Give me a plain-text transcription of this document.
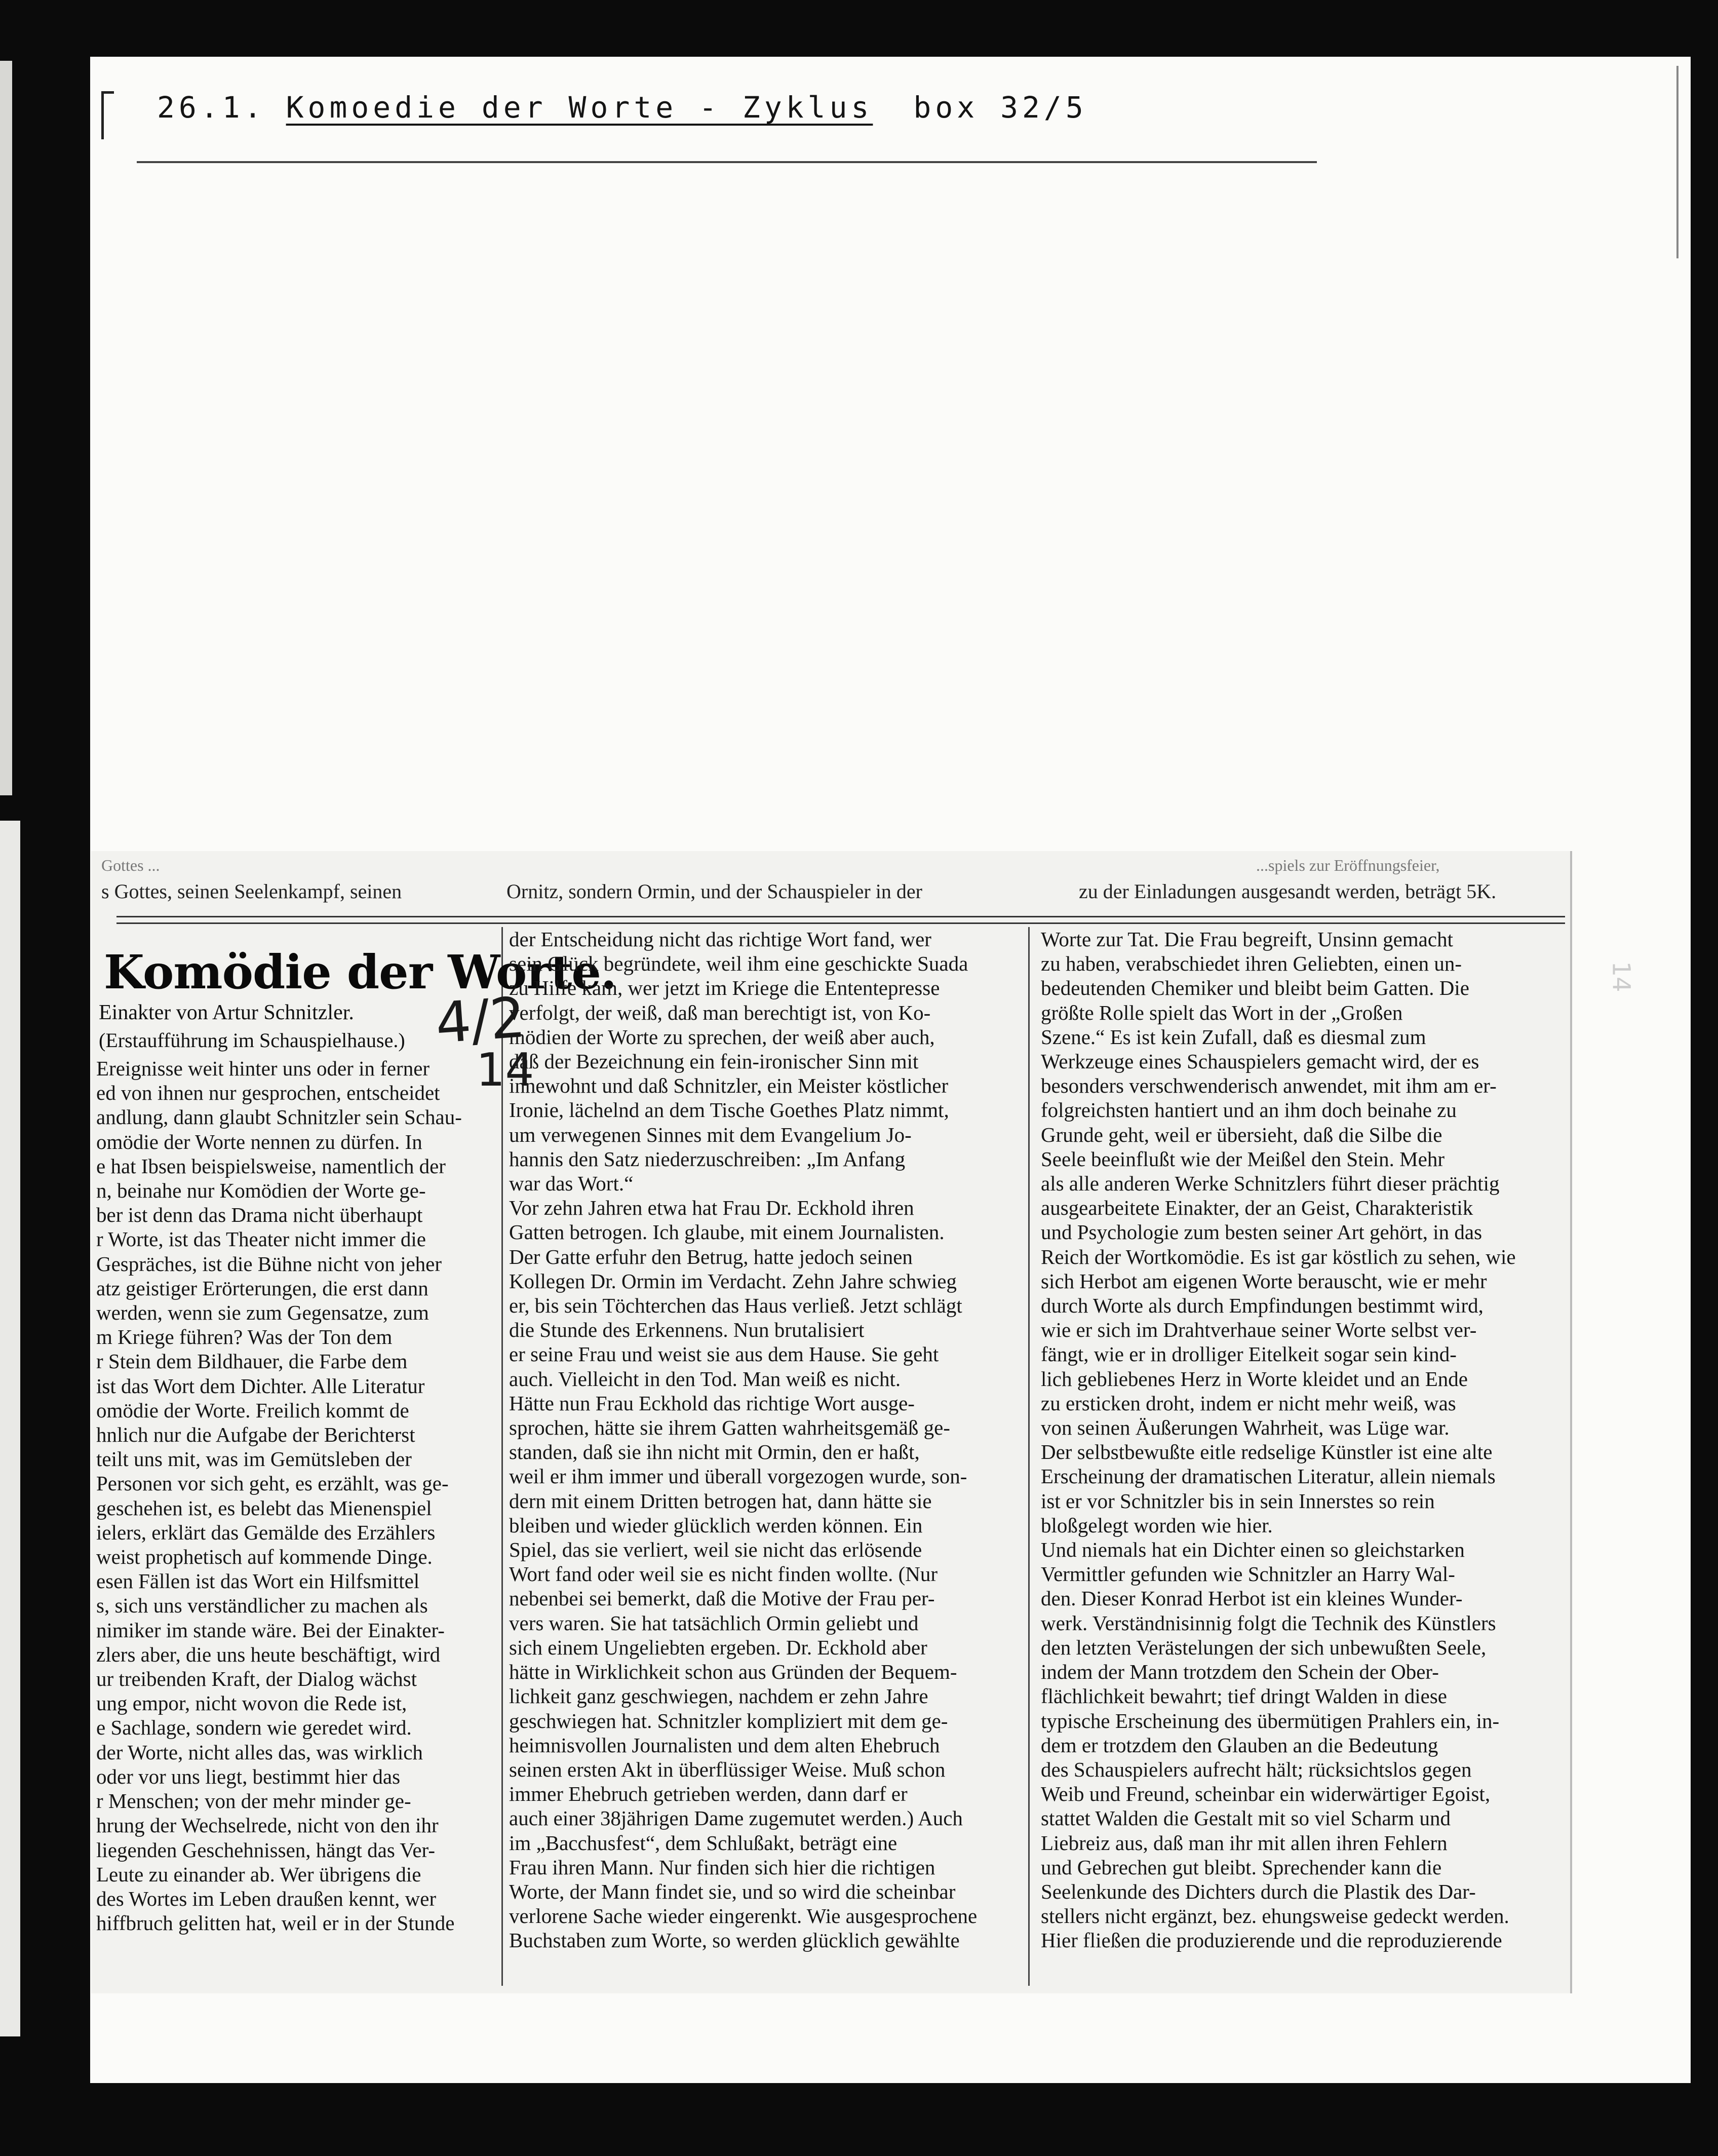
26.1. Komoedie der Worte - Zyklus box 32/5
Gottes ...	...spiels zur Eröffnungsfeier,
s Gottes, seinen Seelenkampf, seinen	Ornitz, sondern Ormin, und der Schauspieler in der	zu der Einladungen ausgesandt werden, beträgt 5K.
Komödie der Worte.
Einakter von Artur Schnitzler.
(Erstaufführung im Schauspielhause.) 4/2
14
14
Ereignisse weit hinter uns oder in ferner
ed von ihnen nur gesprochen, entscheidet
andlung, dann glaubt Schnitzler sein Schau-
omödie der Worte nennen zu dürfen. In
e hat Ibsen beispielsweise, namentlich der
n, beinahe nur Komödien der Worte ge-
ber ist denn das Drama nicht überhaupt
r Worte, ist das Theater nicht immer die
Gespräches, ist die Bühne nicht von jeher
atz geistiger Erörterungen, die erst dann
werden, wenn sie zum Gegensatze, zum
m Kriege führen? Was der Ton dem
r Stein dem Bildhauer, die Farbe dem
ist das Wort dem Dichter. Alle Literatur
omödie der Worte. Freilich kommt de
hnlich nur die Aufgabe der Berichterst
teilt uns mit, was im Gemütsleben der
Personen vor sich geht, es erzählt, was ge-
geschehen ist, es belebt das Mienenspiel
ielers, erklärt das Gemälde des Erzählers
weist prophetisch auf kommende Dinge.
esen Fällen ist das Wort ein Hilfsmittel
s, sich uns verständlicher zu machen als
nimiker im stande wäre. Bei der Einakter-
zlers aber, die uns heute beschäftigt, wird
ur treibenden Kraft, der Dialog wächst
ung empor, nicht wovon die Rede ist,
e Sachlage, sondern wie geredet wird.
der Worte, nicht alles das, was wirklich
oder vor uns liegt, bestimmt hier das
r Menschen; von der mehr minder ge-
hrung der Wechselrede, nicht von den ihr
liegenden Geschehnissen, hängt das Ver-
Leute zu einander ab. Wer übrigens die
des Wortes im Leben draußen kennt, wer
hiffbruch gelitten hat, weil er in der Stunde
der Entscheidung nicht das richtige Wort fand, wer
sein Glück begründete, weil ihm eine geschickte Suada
zu Hilfe kam, wer jetzt im Kriege die Ententepresse
verfolgt, der weiß, daß man berechtigt ist, von Ko-
mödien der Worte zu sprechen, der weiß aber auch,
daß der Bezeichnung ein fein-ironischer Sinn mit
innewohnt und daß Schnitzler, ein Meister köstlicher
Ironie, lächelnd an dem Tische Goethes Platz nimmt,
um verwegenen Sinnes mit dem Evangelium Jo-
hannis den Satz niederzuschreiben: „Im Anfang
war das Wort.“
Vor zehn Jahren etwa hat Frau Dr. Eckhold ihren
Gatten betrogen. Ich glaube, mit einem Journalisten.
Der Gatte erfuhr den Betrug, hatte jedoch seinen
Kollegen Dr. Ormin im Verdacht. Zehn Jahre schwieg
er, bis sein Töchterchen das Haus verließ. Jetzt schlägt
die Stunde des Erkennens. Nun brutalisiert
er seine Frau und weist sie aus dem Hause. Sie geht
auch. Vielleicht in den Tod. Man weiß es nicht.
Hätte nun Frau Eckhold das richtige Wort ausge-
sprochen, hätte sie ihrem Gatten wahrheitsgemäß ge-
standen, daß sie ihn nicht mit Ormin, den er haßt,
weil er ihm immer und überall vorgezogen wurde, son-
dern mit einem Dritten betrogen hat, dann hätte sie
bleiben und wieder glücklich werden können. Ein
Spiel, das sie verliert, weil sie nicht das erlösende
Wort fand oder weil sie es nicht finden wollte. (Nur
nebenbei sei bemerkt, daß die Motive der Frau per-
vers waren. Sie hat tatsächlich Ormin geliebt und
sich einem Ungeliebten ergeben. Dr. Eckhold aber
hätte in Wirklichkeit schon aus Gründen der Bequem-
lichkeit ganz geschwiegen, nachdem er zehn Jahre
geschwiegen hat. Schnitzler kompliziert mit dem ge-
heimnisvollen Journalisten und dem alten Ehebruch
seinen ersten Akt in überflüssiger Weise. Muß schon
immer Ehebruch getrieben werden, dann darf er
auch einer 38jährigen Dame zugemutet werden.) Auch
im „Bacchusfest“, dem Schlußakt, beträgt eine
Frau ihren Mann. Nur finden sich hier die richtigen
Worte, der Mann findet sie, und so wird die scheinbar
verlorene Sache wieder eingerenkt. Wie ausgesprochene
Buchstaben zum Worte, so werden glücklich gewählte
Worte zur Tat. Die Frau begreift, Unsinn gemacht
zu haben, verabschiedet ihren Geliebten, einen un-
bedeutenden Chemiker und bleibt beim Gatten. Die
größte Rolle spielt das Wort in der „Großen
Szene.“ Es ist kein Zufall, daß es diesmal zum
Werkzeuge eines Schauspielers gemacht wird, der es
besonders verschwenderisch anwendet, mit ihm am er-
folgreichsten hantiert und an ihm doch beinahe zu
Grunde geht, weil er übersieht, daß die Silbe die
Seele beeinflußt wie der Meißel den Stein. Mehr
als alle anderen Werke Schnitzlers führt dieser prächtig
ausgearbeitete Einakter, der an Geist, Charakteristik
und Psychologie zum besten seiner Art gehört, in das
Reich der Wortkomödie. Es ist gar köstlich zu sehen, wie
sich Herbot am eigenen Worte berauscht, wie er mehr
durch Worte als durch Empfindungen bestimmt wird,
wie er sich im Drahtverhaue seiner Worte selbst ver-
fängt, wie er in drolliger Eitelkeit sogar sein kind-
lich gebliebenes Herz in Worte kleidet und an Ende
zu ersticken droht, indem er nicht mehr weiß, was
von seinen Äußerungen Wahrheit, was Lüge war.
Der selbstbewußte eitle redselige Künstler ist eine alte
Erscheinung der dramatischen Literatur, allein niemals
ist er vor Schnitzler bis in sein Innerstes so rein
bloßgelegt worden wie hier.
Und niemals hat ein Dichter einen so gleichstarken
Vermittler gefunden wie Schnitzler an Harry Wal-
den. Dieser Konrad Herbot ist ein kleines Wunder-
werk. Verständnisinnig folgt die Technik des Künstlers
den letzten Verästelungen der sich unbewußten Seele,
indem der Mann trotzdem den Schein der Ober-
flächlichkeit bewahrt; tief dringt Walden in diese
typische Erscheinung des übermütigen Prahlers ein, in-
dem er trotzdem den Glauben an die Bedeutung
des Schauspielers aufrecht hält; rücksichtslos gegen
Weib und Freund, scheinbar ein widerwärtiger Egoist,
stattet Walden die Gestalt mit so viel Scharm und
Liebreiz aus, daß man ihr mit allen ihren Fehlern
und Gebrechen gut bleibt. Sprechender kann die
Seelenkunde des Dichters durch die Plastik des Dar-
stellers nicht ergänzt, bez. ehungsweise gedeckt werden.
Hier fließen die produzierende und die reproduzierende
